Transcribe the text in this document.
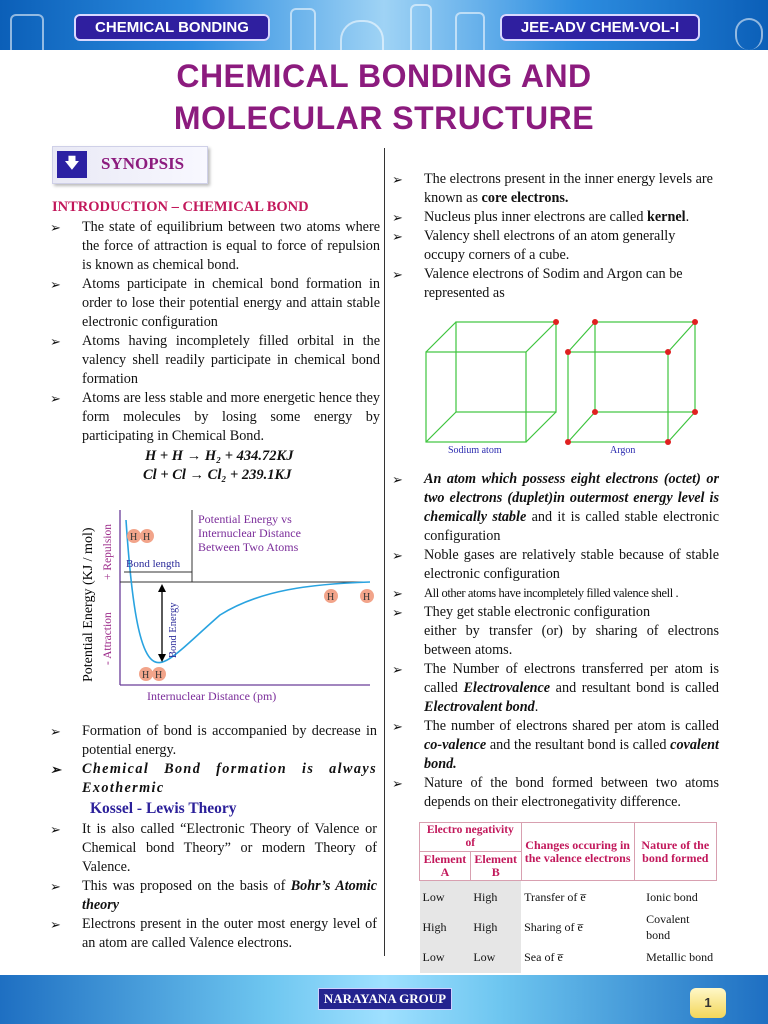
CHEMICAL BONDING	JEE-ADV CHEM-VOL-I
CHEMICAL BONDING AND
MOLECULAR STRUCTURE
🡇	SYNOPSIS
INTRODUCTION – CHEMICAL BOND

➢ The state of equilibrium between two atoms where the force of attraction is equal to force of repulsion is known as chemical bond.

➢ Atoms participate in chemical bond formation in order to lose their potential energy and attain stable electronic configuration

➢ Atoms having incompletely filled orbital in the valency shell readily participate in chemical bond formation

➢ Atoms are less stable and more energetic hence they form molecules by losing some energy by participating in Chemical Bond.

H + H → H₂ + 434.72KJ
Cl + Cl → Cl₂ + 239.1KJ
Potential Energy (KJ / mol) + Repulsion
- Attraction
Potential Energy vs
Internuclear Distance
Between Two Atoms
Bond length
Bond Energy
H H
H H
H	H
Internuclear Distance (pm)

➢ Formation of bond is accompanied by decrease in potential energy.

➢ Chemical Bond formation is always Exothermic

Kossel - Lewis Theory

➢ It is also called “Electronic Theory of Valence or Chemical bond Theory” or modern Theory of Valence.

➢ This was proposed on the basis of Bohr’s Atomic theory

➢ Electrons present in the outer most energy level of an atom are called Valence electrons.

➢ The electrons present in the inner energy levels are known as core electrons.

➢ Nucleus plus inner electrons are called kernel.

➢ Valency shell electrons of an atom generally occupy corners of a cube.

➢ Valence electrons of Sodim and Argon can be represented as

Sodium atom	Argon

➢ An atom which possess eight electrons (octet) or two electrons (duplet)in outermost energy level is chemically stable and it is called stable electronic configuration

➢ Noble gases are relatively stable because of stable electronic configuration

➢ All other atoms have incompletely filled valence shell .

➢ They get stable electronic configuration

either by transfer (or) by sharing of electrons between atoms.

➢ The Number of electrons transferred per atom is called Electrovalence and resultant bond is called Electrovalent bond.

➢ The number of electrons shared per atom is called co-valence and the resultant bond is called covalent bond.

➢ Nature of the bond formed between two atoms depends on their electronegativity difference.

Electro negativity of		Changes occuring in the valence electrons	Nature of the bond formed
Element A	Element B		
Low	High	Transfer of e̅	Ionic bond
High	High	Sharing of e̅	Covalent bond
Low	Low	Sea of e̅	Metallic bond
NARAYANA GROUP	1
